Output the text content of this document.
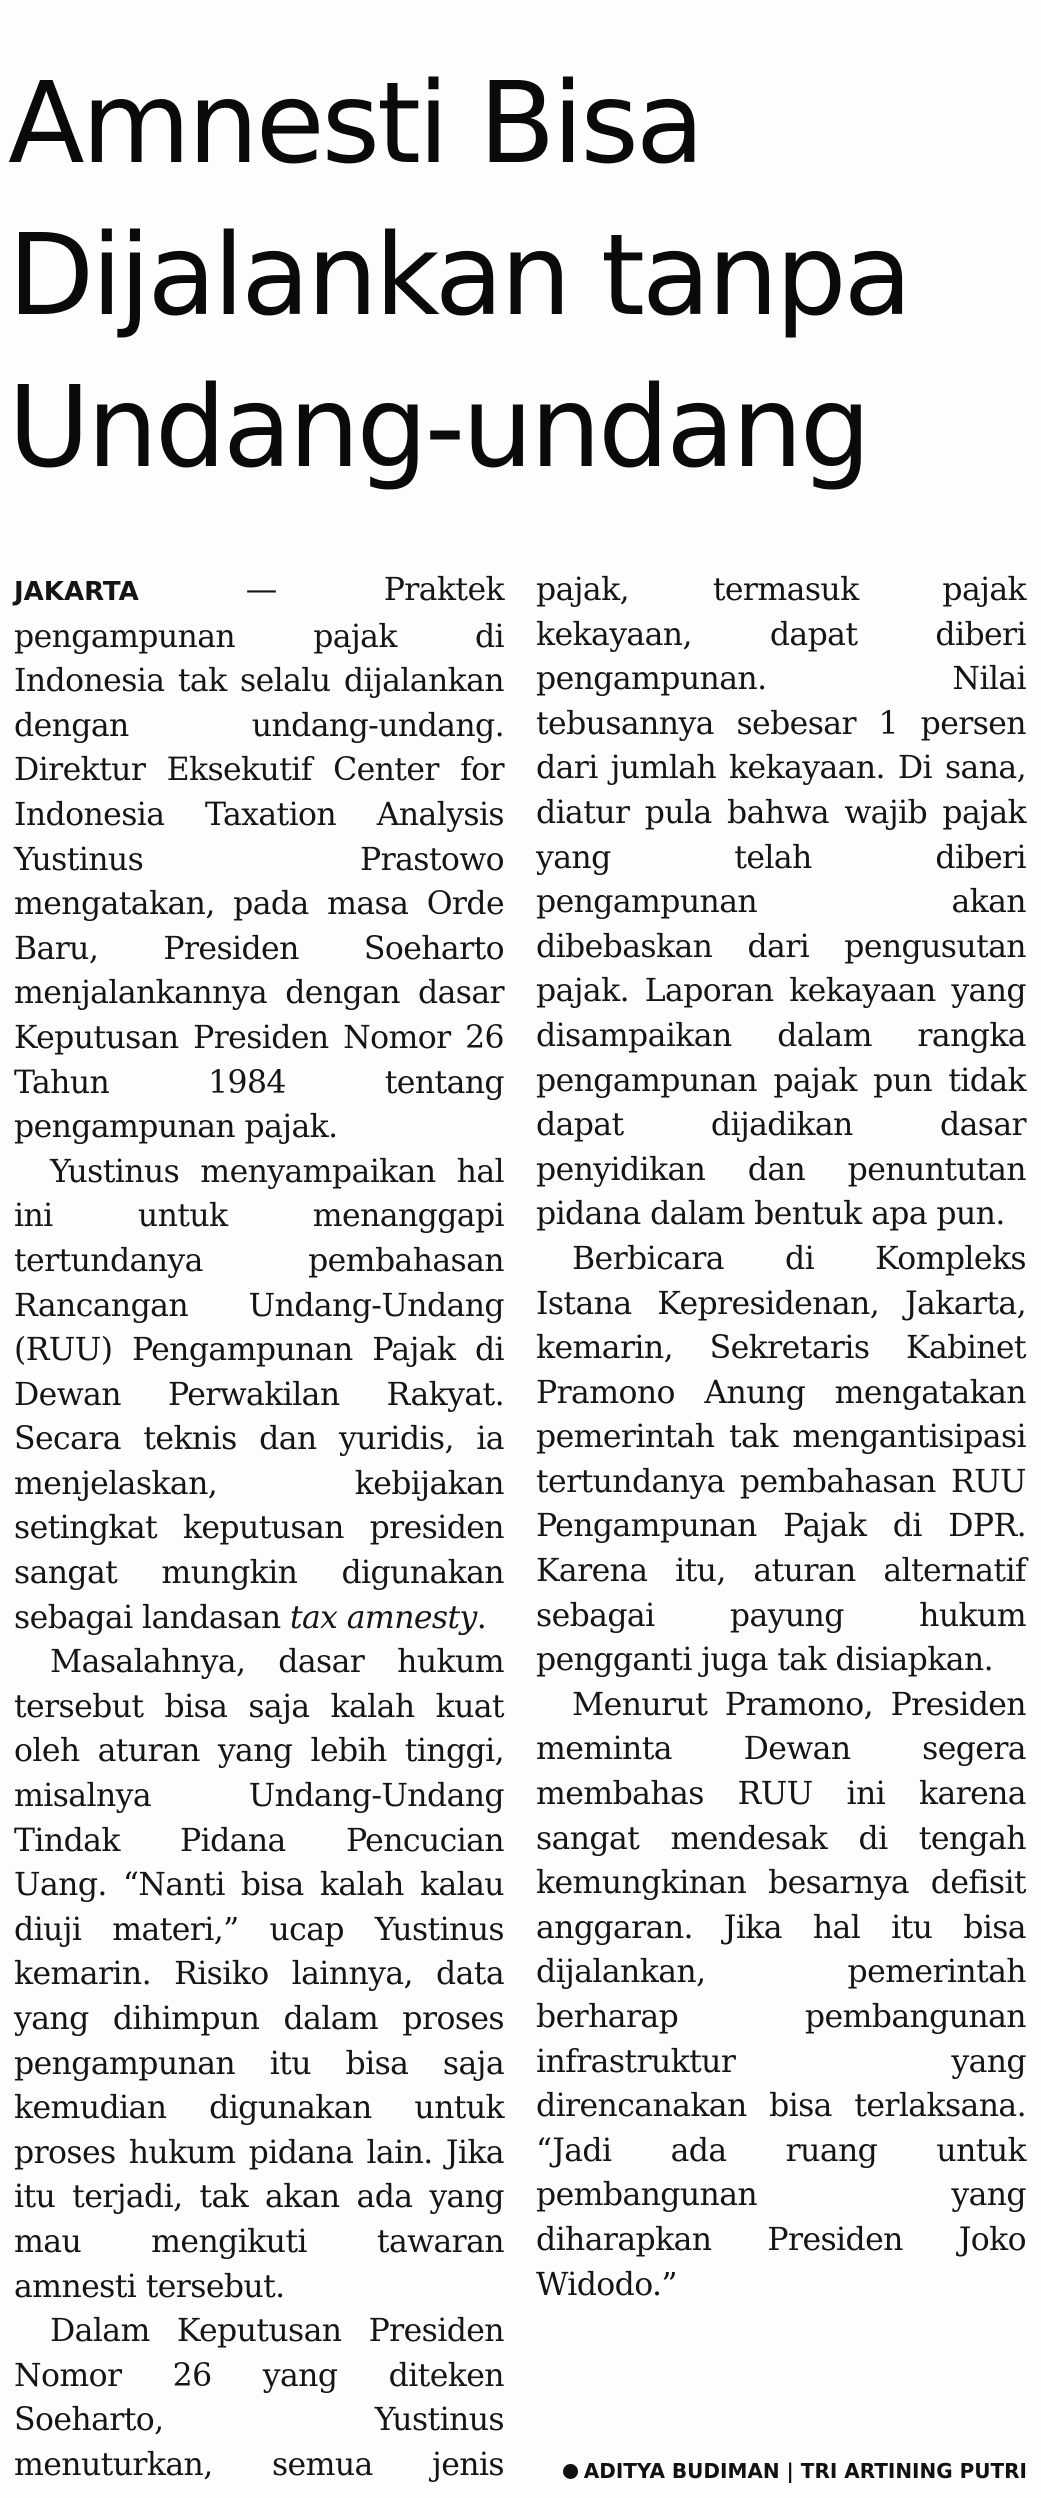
Amnesti Bisa
Dijalankan tanpa
Undang-undang

JAKARTA — Praktek pengampunan pajak di Indonesia tak selalu dijalankan dengan undang-undang. Direktur Eksekutif Center for Indonesia Taxation Analysis Yustinus Prastowo mengatakan, pada masa Orde Baru, Presiden Soeharto menjalankannya dengan dasar Keputusan Presiden Nomor 26 Tahun 1984 tentang pengampunan pajak.

Yustinus menyampaikan hal ini untuk menanggapi tertundanya pembahasan Rancangan Undang-Undang (RUU) Pengampunan Pajak di Dewan Perwakilan Rakyat. Secara teknis dan yuridis, ia menjelaskan, kebijakan setingkat keputusan presiden sangat mungkin digunakan sebagai landasan tax amnesty.

Masalahnya, dasar hukum tersebut bisa saja kalah kuat oleh aturan yang lebih tinggi, misalnya Undang-Undang Tindak Pidana Pencucian Uang. “Nanti bisa kalah kalau diuji materi,” ucap Yustinus kemarin. Risiko lainnya, data yang dihimpun dalam proses pengampunan itu bisa saja kemudian digunakan untuk proses hukum pidana lain. Jika itu terjadi, tak akan ada yang mau mengikuti tawaran amnesti tersebut.

Dalam Keputusan Presiden Nomor 26 yang diteken Soeharto, Yustinus menuturkan, semua jenis pajak, termasuk pajak kekayaan, dapat diberi pengampunan. Nilai tebusannya sebesar 1 persen dari jumlah kekayaan. Di sana, diatur pula bahwa wajib pajak yang telah diberi pengampunan akan dibebaskan dari pengusutan pajak. Laporan kekayaan yang disampaikan dalam rangka pengampunan pajak pun tidak dapat dijadikan dasar penyidikan dan penuntutan pidana dalam bentuk apa pun.

Berbicara di Kompleks Istana Kepresidenan, Jakarta, kemarin, Sekretaris Kabinet Pramono Anung mengatakan pemerintah tak mengantisipasi tertundanya pembahasan RUU Pengampunan Pajak di DPR. Karena itu, aturan alternatif sebagai payung hukum pengganti juga tak disiapkan.

Menurut Pramono, Presiden meminta Dewan segera membahas RUU ini karena sangat mendesak di tengah kemungkinan besarnya defisit anggaran. Jika hal itu bisa dijalankan, pemerintah berharap pembangunan infrastruktur yang direncanakan bisa terlaksana. “Jadi ada ruang untuk pembangunan yang diharapkan Presiden Joko Widodo.”

ADITYA BUDIMAN | TRI ARTINING PUTRI
